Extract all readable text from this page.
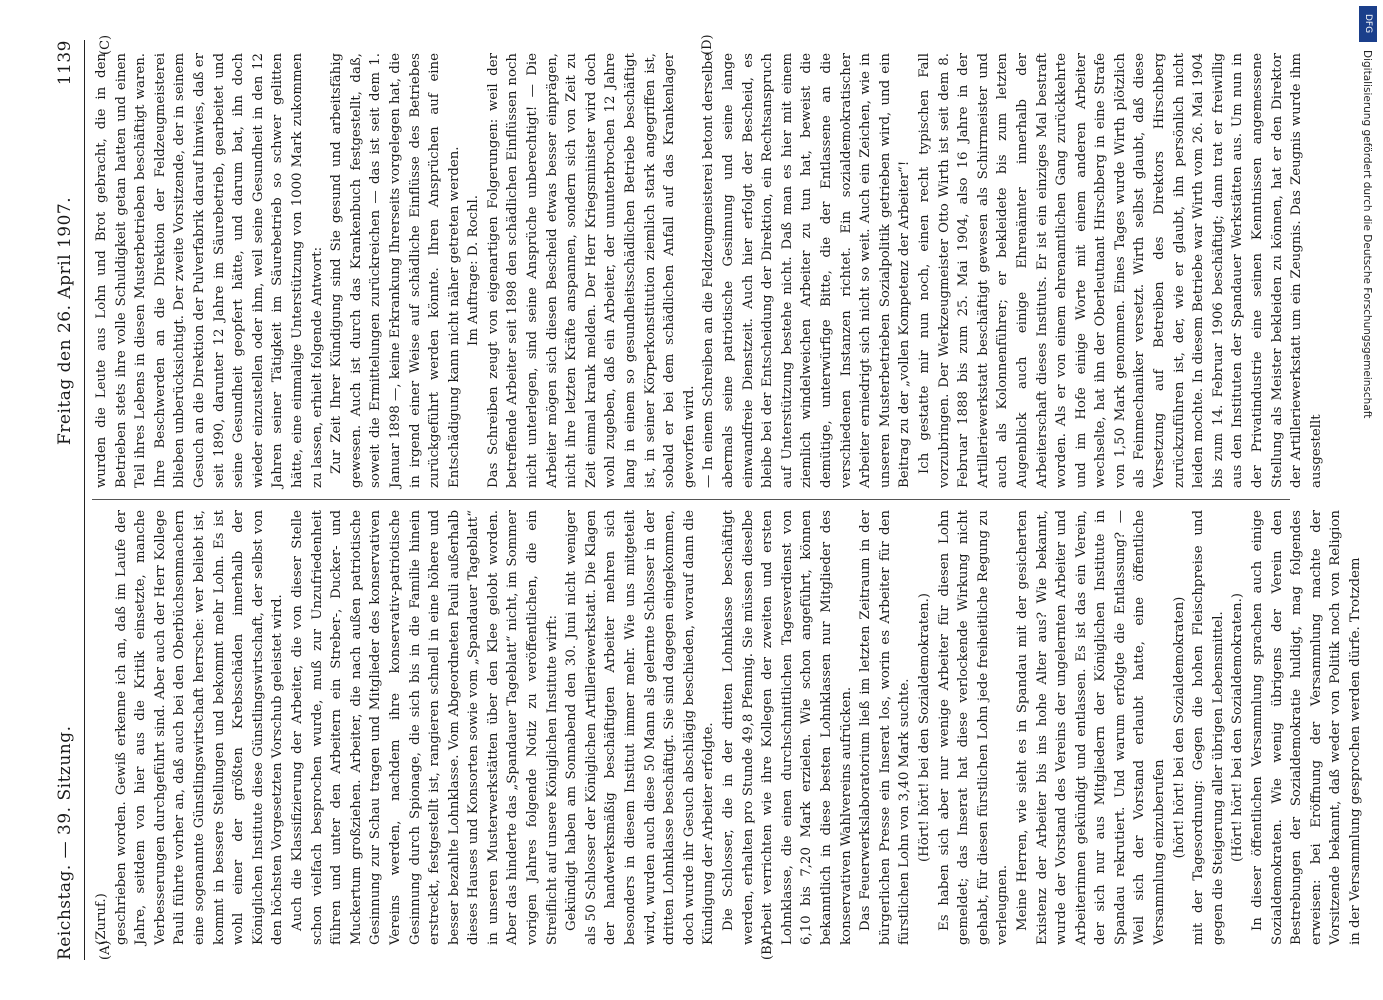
Reichstag. — 39. Sitzung.
Freitag den 26. April 1907.
1139
(A)	(B)
(C)	(D)

(Zuruf.) geschrieben worden. Gewiß erkenne ich an, daß im Laufe der Jahre, seitdem von hier aus die Kritik einsetzte, manche Verbesserungen durchgeführt sind. Aber auch der Herr Kollege Pauli führte vorher an, daß auch bei den Oberbüchsenmachern eine sogenannte Günstlingswirtschaft herrsche: wer beliebt ist, kommt in bessere Stellungen und bekommt mehr Lohn. Es ist wohl einer der größten Krebsschäden innerhalb der Königlichen Institute diese Günstlingswirtschaft, der selbst von den höchsten Vorgesetzten Vorschub geleistet wird. Auch die Klassifizierung der Arbeiter, die von dieser Stelle schon vielfach besprochen wurde, muß zur Unzufriedenheit führen und unter den Arbeitern ein Streber-, Ducker- und Muckertum großziehen. Arbeiter, die nach außen patriotische Gesinnung zur Schau tragen und Mitglieder des konservativen Vereins werden, nachdem ihre konservativ-patriotische Gesinnung durch Spionage, die sich bis in die Familie hinein erstreckt, festgestellt ist, rangieren schnell in eine höhere und besser bezahlte Lohnklasse. Vom Abgeordneten Pauli außerhalb dieses Hauses und Konsorten sowie vom „Spandauer Tageblatt“ in unseren Musterwerkstätten über den Klee gelobt worden. Aber das hinderte das „Spandauer Tageblatt“ nicht, im Sommer vorigen Jahres folgende Notiz zu veröffentlichen, die ein Streiflicht auf unsere Königlichen Institute wirft: Gekündigt haben am Sonnabend den 30. Juni nicht weniger als 50 Schlosser der Königlichen Artilleriewerkstatt. Die Klagen der handwerksmäßig beschäftigten Arbeiter mehren sich besonders in diesem Institut immer mehr. Wie uns mitgeteilt wird, wurden auch diese 50 Mann als gelernte Schlosser in der dritten Lohnklasse beschäftigt. Sie sind dagegen eingekommen, doch wurde ihr Gesuch abschlägig beschieden, worauf dann die Kündigung der Arbeiter erfolgte. Die Schlosser, die in der dritten Lohnklasse beschäftigt werden, erhalten pro Stunde 49,8 Pfennig. Sie müssen dieselbe Arbeit verrichten wie ihre Kollegen der zweiten und ersten Lohnklasse, die einen durchschnittlichen Tagesverdienst von 6,10 bis 7,20 Mark erzielen. Wie schon angeführt, können bekanntlich in diese besten Lohnklassen nur Mitglieder des konservativen Wahlvereins aufrücken. Das Feuerwerkslaboratorium ließ im letzten Zeitraum in der bürgerlichen Presse ein Inserat los, worin es Arbeiter für den fürstlichen Lohn von 3,40 Mark suchte. (Hört! hört! bei den Sozialdemokraten.) Es haben sich aber nur wenige Arbeiter für diesen Lohn gemeldet; das Inserat hat diese verlockende Wirkung nicht gehabt, für diesen fürstlichen Lohn jede freiheitliche Regung zu verleugnen. Meine Herren, wie sieht es in Spandau mit der gesicherten Existenz der Arbeiter bis ins hohe Alter aus? Wie bekannt, wurde der Vorstand des Vereins der ungelernten Arbeiter und Arbeiterinnen gekündigt und entlassen. Es ist das ein Verein, der sich nur aus Mitgliedern der Königlichen Institute in Spandau rekrutiert. Und warum erfolgte die Entlassung? — Weil sich der Vorstand erlaubt hatte, eine öffentliche Versammlung einzuberufen (hört! hört! bei den Sozialdemokraten) mit der Tagesordnung: Gegen die hohen Fleischpreise und gegen die Steigerung aller übrigen Lebensmittel. (Hört! hört! bei den Sozialdemokraten.) In dieser öffentlichen Versammlung sprachen auch einige Sozialdemokraten. Wie wenig übrigens der Verein den Bestrebungen der Sozialdemokratie huldigt, mag folgendes erweisen: bei Eröffnung der Versammlung machte der Vorsitzende bekannt, daß weder von Politik noch von Religion in der Versammlung gesprochen werden dürfe. Trotzdem

wurden die Leute aus Lohn und Brot gebracht, die in den Betrieben stets ihre volle Schuldigkeit getan hatten und einen Teil ihres Lebens in diesen Musterbetrieben beschäftigt waren. Ihre Beschwerden an die Direktion der Feldzeugmeisterei blieben unberücksichtigt. Der zweite Vorsitzende, der in seinem Gesuch an die Direktion der Pulverfabrik darauf hinwies, daß er seit 1890, darunter 12 Jahre im Säurebetrieb, gearbeitet und seine Gesundheit geopfert hätte, und darum bat, ihn doch wieder einzustellen oder ihm, weil seine Gesundheit in den 12 Jahren seiner Tätigkeit im Säurebetrieb so schwer gelitten hätte, eine einmalige Unterstützung von 1000 Mark zukommen zu lassen, erhielt folgende Antwort: Zur Zeit Ihrer Kündigung sind Sie gesund und arbeitsfähig gewesen. Auch ist durch das Krankenbuch festgestellt, daß, soweit die Ermittelungen zurückreichen — das ist seit dem 1. Januar 1898 —, keine Erkrankung Ihrerseits vorgelegen hat, die in irgend einer Weise auf schädliche Einflüsse des Betriebes zurückgeführt werden könnte. Ihren Ansprüchen auf eine Entschädigung kann nicht näher getreten werden. Im Auftrage: D. Rochl. Das Schreiben zeugt von eigenartigen Folgerungen: weil der betreffende Arbeiter seit 1898 den schädlichen Einflüssen noch nicht unterlegen, sind seine Ansprüche unberechtigt! — Die Arbeiter mögen sich diesen Bescheid etwas besser einprägen, nicht ihre letzten Kräfte anspannen, sondern sich von Zeit zu Zeit einmal krank melden. Der Herr Kriegsminister wird doch wohl zugeben, daß ein Arbeiter, der ununterbrochen 12 Jahre lang in einem so gesundheitsschädlichen Betriebe beschäftigt ist, in seiner Körperkonstitution ziemlich stark angegriffen ist, sobald er bei dem schädlichen Anfall auf das Krankenlager geworfen wird. — In einem Schreiben an die Feldzeugmeisterei betont derselbe abermals seine patriotische Gesinnung und seine lange einwandfreie Dienstzeit. Auch hier erfolgt der Bescheid, es bleibe bei der Entscheidung der Direktion, ein Rechtsanspruch auf Unterstützung bestehe nicht. Daß man es hier mit einem ziemlich windelweichen Arbeiter zu tun hat, beweist die demütige, unterwürfige Bitte, die der Entlassene an die verschiedenen Instanzen richtet. Ein sozialdemokratischer Arbeiter erniedrigt sich nicht so weit. Auch ein Zeichen, wie in unseren Musterbetrieben Sozialpolitik getrieben wird, und ein Beitrag zu der „vollen Kompetenz der Arbeiter“! Ich gestatte mir nun noch, einen recht typischen Fall vorzubringen. Der Werkzeugmeister Otto Wirth ist seit dem 8. Februar 1888 bis zum 25. Mai 1904, also 16 Jahre in der Artilleriewerkstatt beschäftigt gewesen als Schirrmeister und auch als Kolonnenführer; er bekleidete bis zum letzten Augenblick auch einige Ehrenämter innerhalb der Arbeiterschaft dieses Instituts. Er ist ein einziges Mal bestraft worden. Als er von einem ehrenamtlichen Gang zurückkehrte und im Hofe einige Worte mit einem anderen Arbeiter wechselte, hat ihn der Oberleutnant Hirschberg in eine Strafe von 1,50 Mark genommen. Eines Tages wurde Wirth plötzlich als Feinmechaniker versetzt. Wirth selbst glaubt, daß diese Versetzung auf Betreiben des Direktors Hirschberg zurückzuführen ist, der, wie er glaubt, ihn persönlich nicht leiden mochte. In diesem Betriebe war Wirth vom 26. Mai 1904 bis zum 14. Februar 1906 beschäftigt; dann trat er freiwillig aus den Instituten der Spandauer Werkstätten aus. Um nun in der Privatindustrie eine seinen Kenntnissen angemessene Stellung als Meister bekleiden zu können, hat er den Direktor der Artilleriewerkstatt um ein Zeugnis. Das Zeugnis wurde ihm ausgestellt

DFG
Digitalisierung gefördert durch die Deutsche Forschungsgemeinschaft
